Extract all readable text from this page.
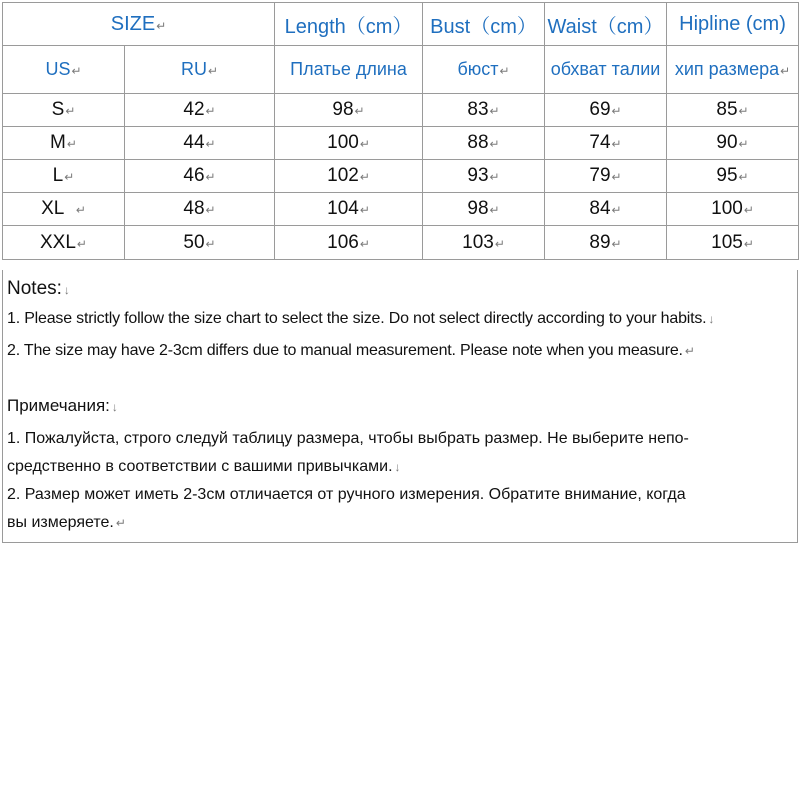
SIZE↵		Length（cm）	Bust（cm）	Waist（cm）	Hipline (cm)
US↵	RU↵	Платье длина	бюст↵	обхват талии	хип размера↵
S↵	42↵	98↵	83↵	69↵	85↵
M↵	44↵	100↵	88↵	74↵	90↵
L↵	46↵	102↵	93↵	79↵	95↵
XL ↵	48↵	104↵	98↵	84↵	100↵
XXL↵	50↵	106↵	103↵	89↵	105↵
Notes: ↓
1. Please strictly follow the size chart to select the size. Do not select directly according to your habits. ↓
2. The size may have 2-3cm differs due to manual measurement. Please note when you measure. ↵
Примечания: ↓
1. Пожалуйста, строго следуй таблицу размера, чтобы выбрать размер. Не выберите непо-
средственно в соответствии с вашими привычками. ↓
2. Размер может иметь 2-3см отличается от ручного измерения. Обратите внимание, когда
вы измеряете. ↵
